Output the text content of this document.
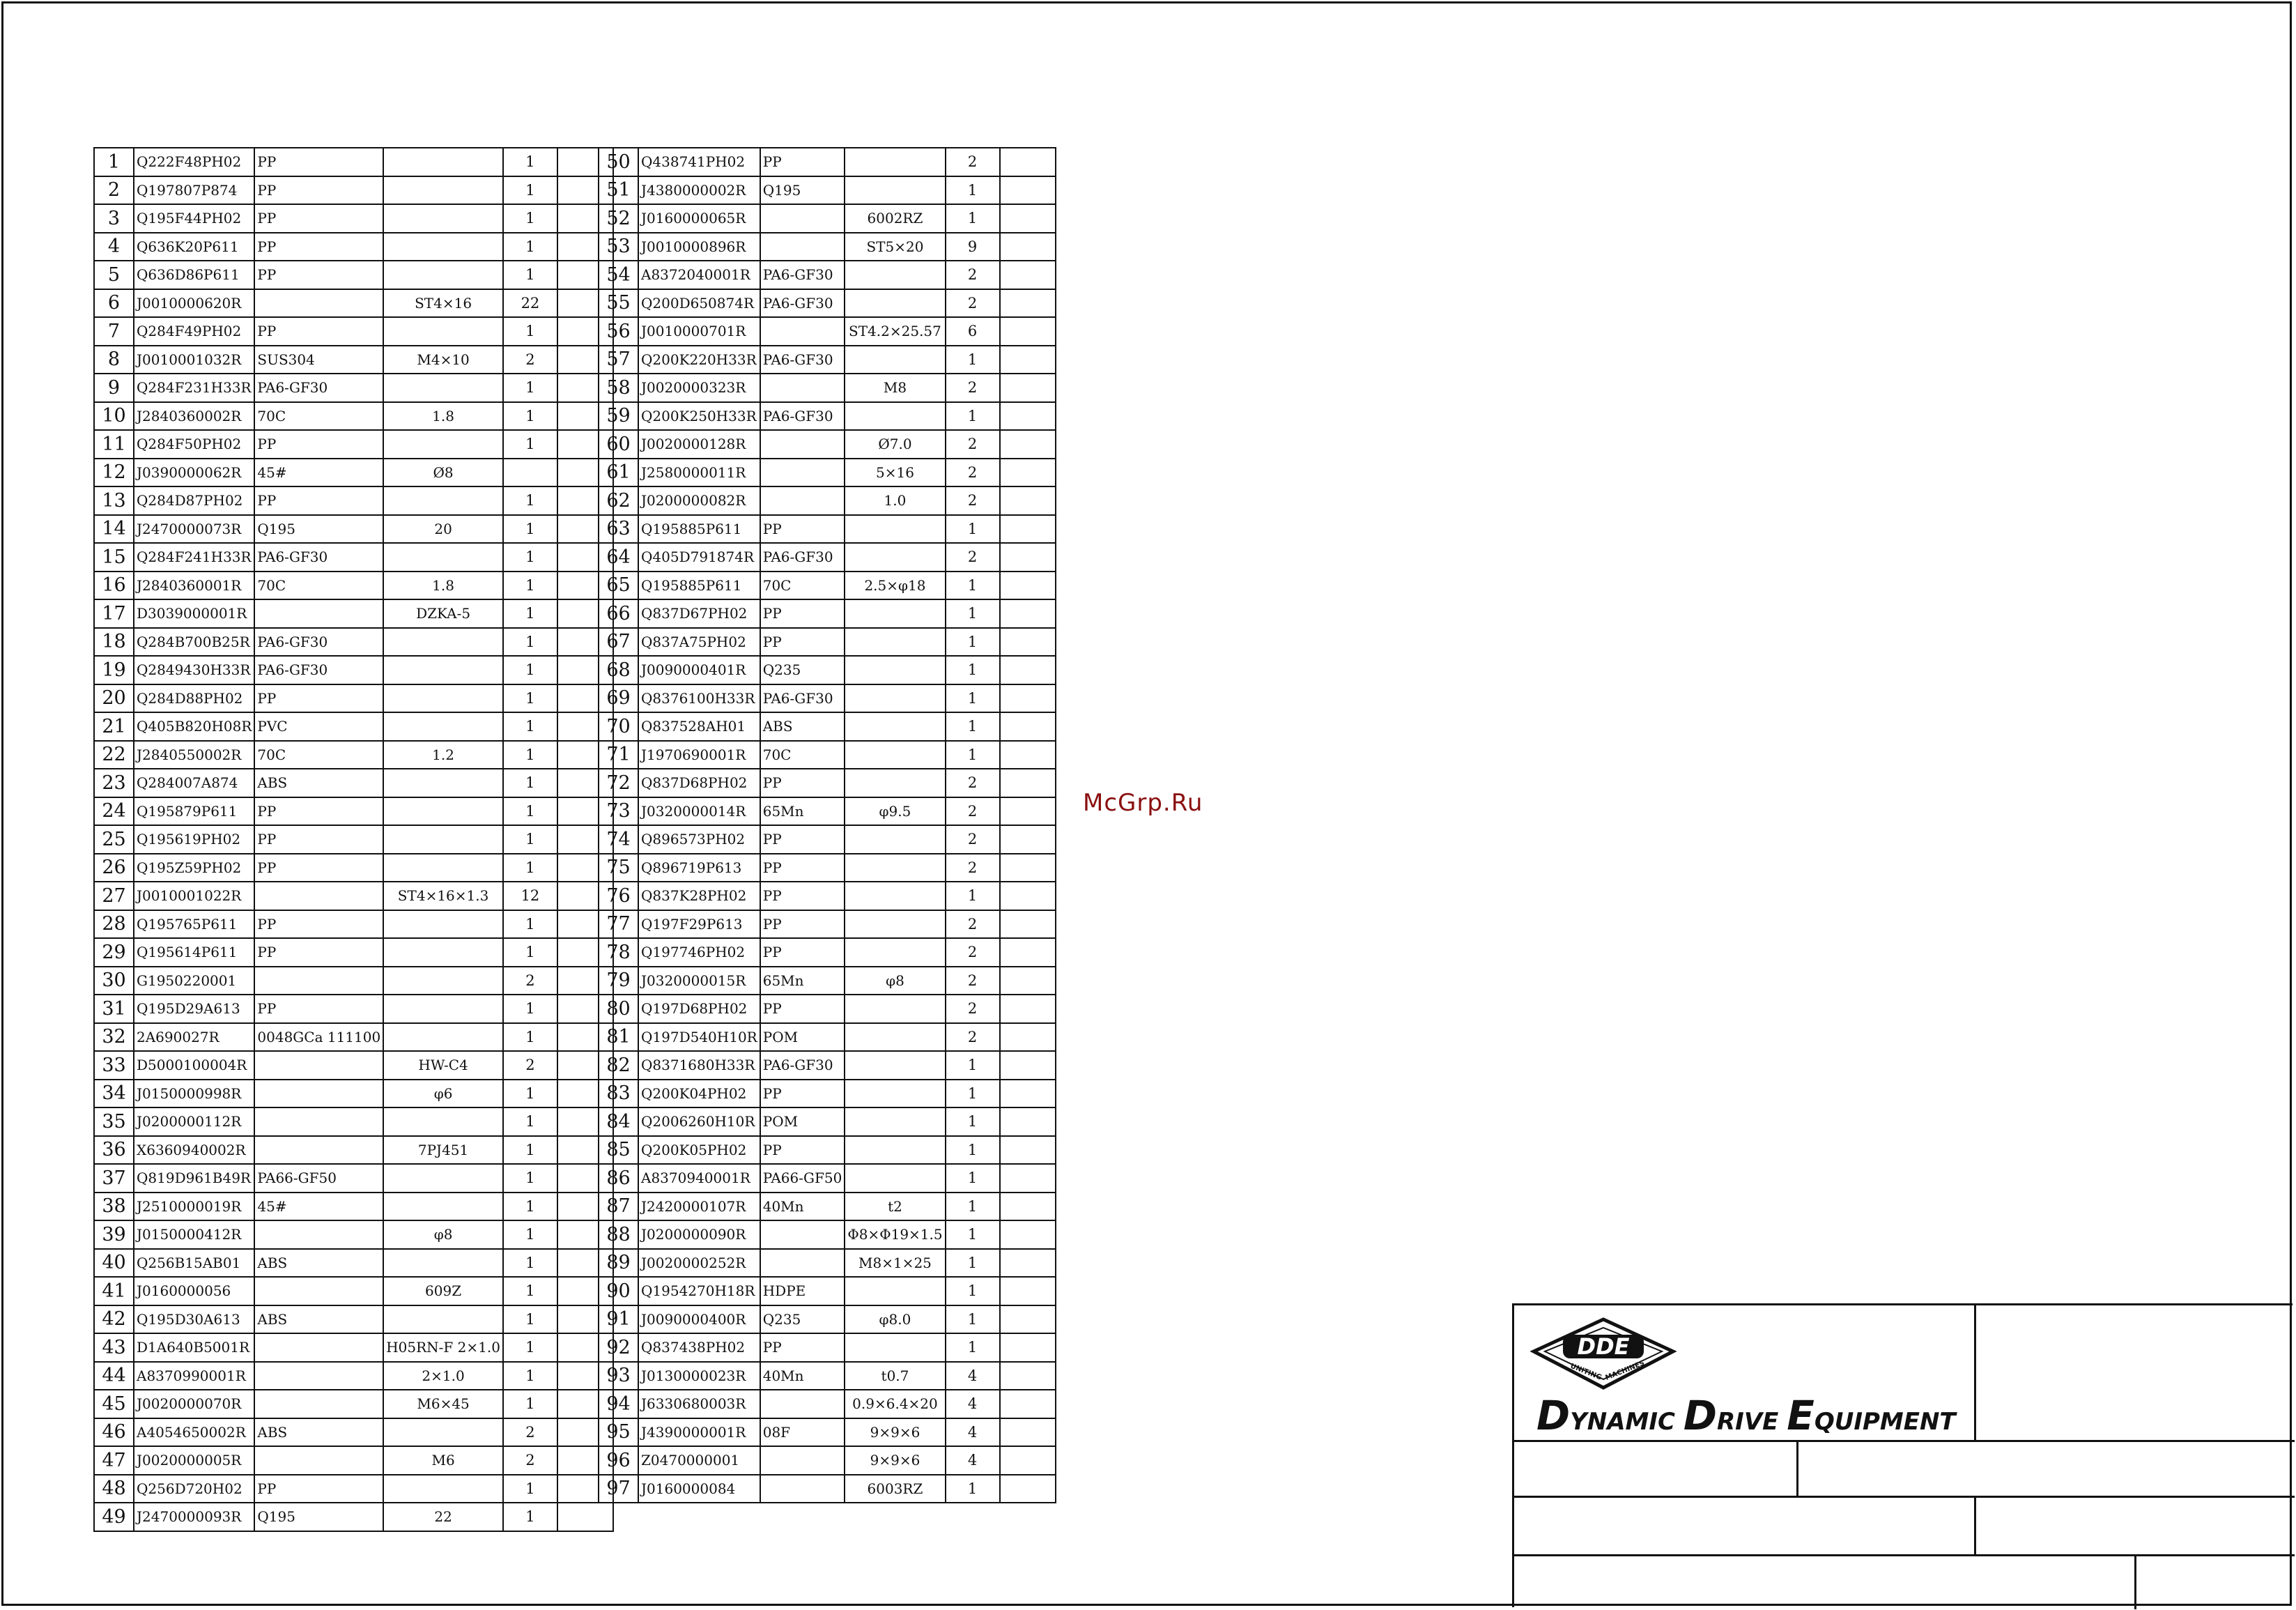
1	Q222F48PH02	PP		1	
2	Q197807P874	PP		1	
3	Q195F44PH02	PP		1	
4	Q636K20P611	PP		1	
5	Q636D86P611	PP		1	
6	J0010000620R		ST4×16	22	
7	Q284F49PH02	PP		1	
8	J0010001032R	SUS304	M4×10	2	
9	Q284F231H33R	PA6-GF30		1	
10	J2840360002R	70C	1.8	1	
11	Q284F50PH02	PP		1	
12	J0390000062R	45#	Ø8		
13	Q284D87PH02	PP		1	
14	J2470000073R	Q195	20	1	
15	Q284F241H33R	PA6-GF30		1	
16	J2840360001R	70C	1.8	1	
17	D3039000001R		DZKA-5	1	
18	Q284B700B25R	PA6-GF30		1	
19	Q2849430H33R	PA6-GF30		1	
20	Q284D88PH02	PP		1	
21	Q405B820H08R	PVC		1	
22	J2840550002R	70C	1.2	1	
23	Q284007A874	ABS		1	
24	Q195879P611	PP		1	
25	Q195619PH02	PP		1	
26	Q195Z59PH02	PP		1	
27	J0010001022R		ST4×16×1.3	12	
28	Q195765P611	PP		1	
29	Q195614P611	PP		1	
30	G1950220001			2	
31	Q195D29A613	PP		1	
32	2A690027R	0048GCa 111100		1	
33	D5000100004R		HW-C4	2	
34	J0150000998R		φ6	1	
35	J0200000112R			1	
36	X6360940002R		7PJ451	1	
37	Q819D961B49R	PA66-GF50		1	
38	J2510000019R	45#		1	
39	J0150000412R		φ8	1	
40	Q256B15AB01	ABS		1	
41	J0160000056		609Z	1	
42	Q195D30A613	ABS		1	
43	D1A640B5001R		H05RN-F 2×1.0	1	
44	A8370990001R		2×1.0	1	
45	J0020000070R		M6×45	1	
46	A4054650002R	ABS		2	
47	J0020000005R		M6	2	
48	Q256D720H02	PP		1	
49	J2470000093R	Q195	22	1	
50	Q438741PH02	PP		2	
51	J4380000002R	Q195		1	
52	J0160000065R		6002RZ	1	
53	J0010000896R		ST5×20	9	
54	A8372040001R	PA6-GF30		2	
55	Q200D650874R	PA6-GF30		2	
56	J0010000701R		ST4.2×25.57	6	
57	Q200K220H33R	PA6-GF30		1	
58	J0020000323R		M8	2	
59	Q200K250H33R	PA6-GF30		1	
60	J0020000128R		Ø7.0	2	
61	J2580000011R		5×16	2	
62	J0200000082R		1.0	2	
63	Q195885P611	PP		1	
64	Q405D791874R	PA6-GF30		2	
65	Q195885P611	70C	2.5×φ18	1	
66	Q837D67PH02	PP		1	
67	Q837A75PH02	PP		1	
68	J0090000401R	Q235		1	
69	Q8376100H33R	PA6-GF30		1	
70	Q837528AH01	ABS		1	
71	J1970690001R	70C		1	
72	Q837D68PH02	PP		2	
73	J0320000014R	65Mn	φ9.5	2	
74	Q896573PH02	PP		2	
75	Q896719P613	PP		2	
76	Q837K28PH02	PP		1	
77	Q197F29P613	PP		2	
78	Q197746PH02	PP		2	
79	J0320000015R	65Mn	φ8	2	
80	Q197D68PH02	PP		2	
81	Q197D540H10R	POM		2	
82	Q8371680H33R	PA6-GF30		1	
83	Q200K04PH02	PP		1	
84	Q2006260H10R	POM		1	
85	Q200K05PH02	PP		1	
86	A8370940001R	PA66-GF50		1	
87	J2420000107R	40Mn	t2	1	
88	J0200000090R		Φ8×Φ19×1.5	1	
89	J0020000252R		M8×1×25	1	
90	Q1954270H18R	HDPE		1	
91	J0090000400R	Q235	φ8.0	1	
92	Q837438PH02	PP		1	
93	J0130000023R	40Mn	t0.7	4	
94	J6330680003R		0.9×6.4×20	4	
95	J4390000001R	08F	9×9×6	4	
96	Z0470000001		9×9×6	4	
97	J0160000084		6003RZ	1	
McGrp.Ru
DDE
UNITING MACHINES
DYNAMIC DRIVE EQUIPMENT
